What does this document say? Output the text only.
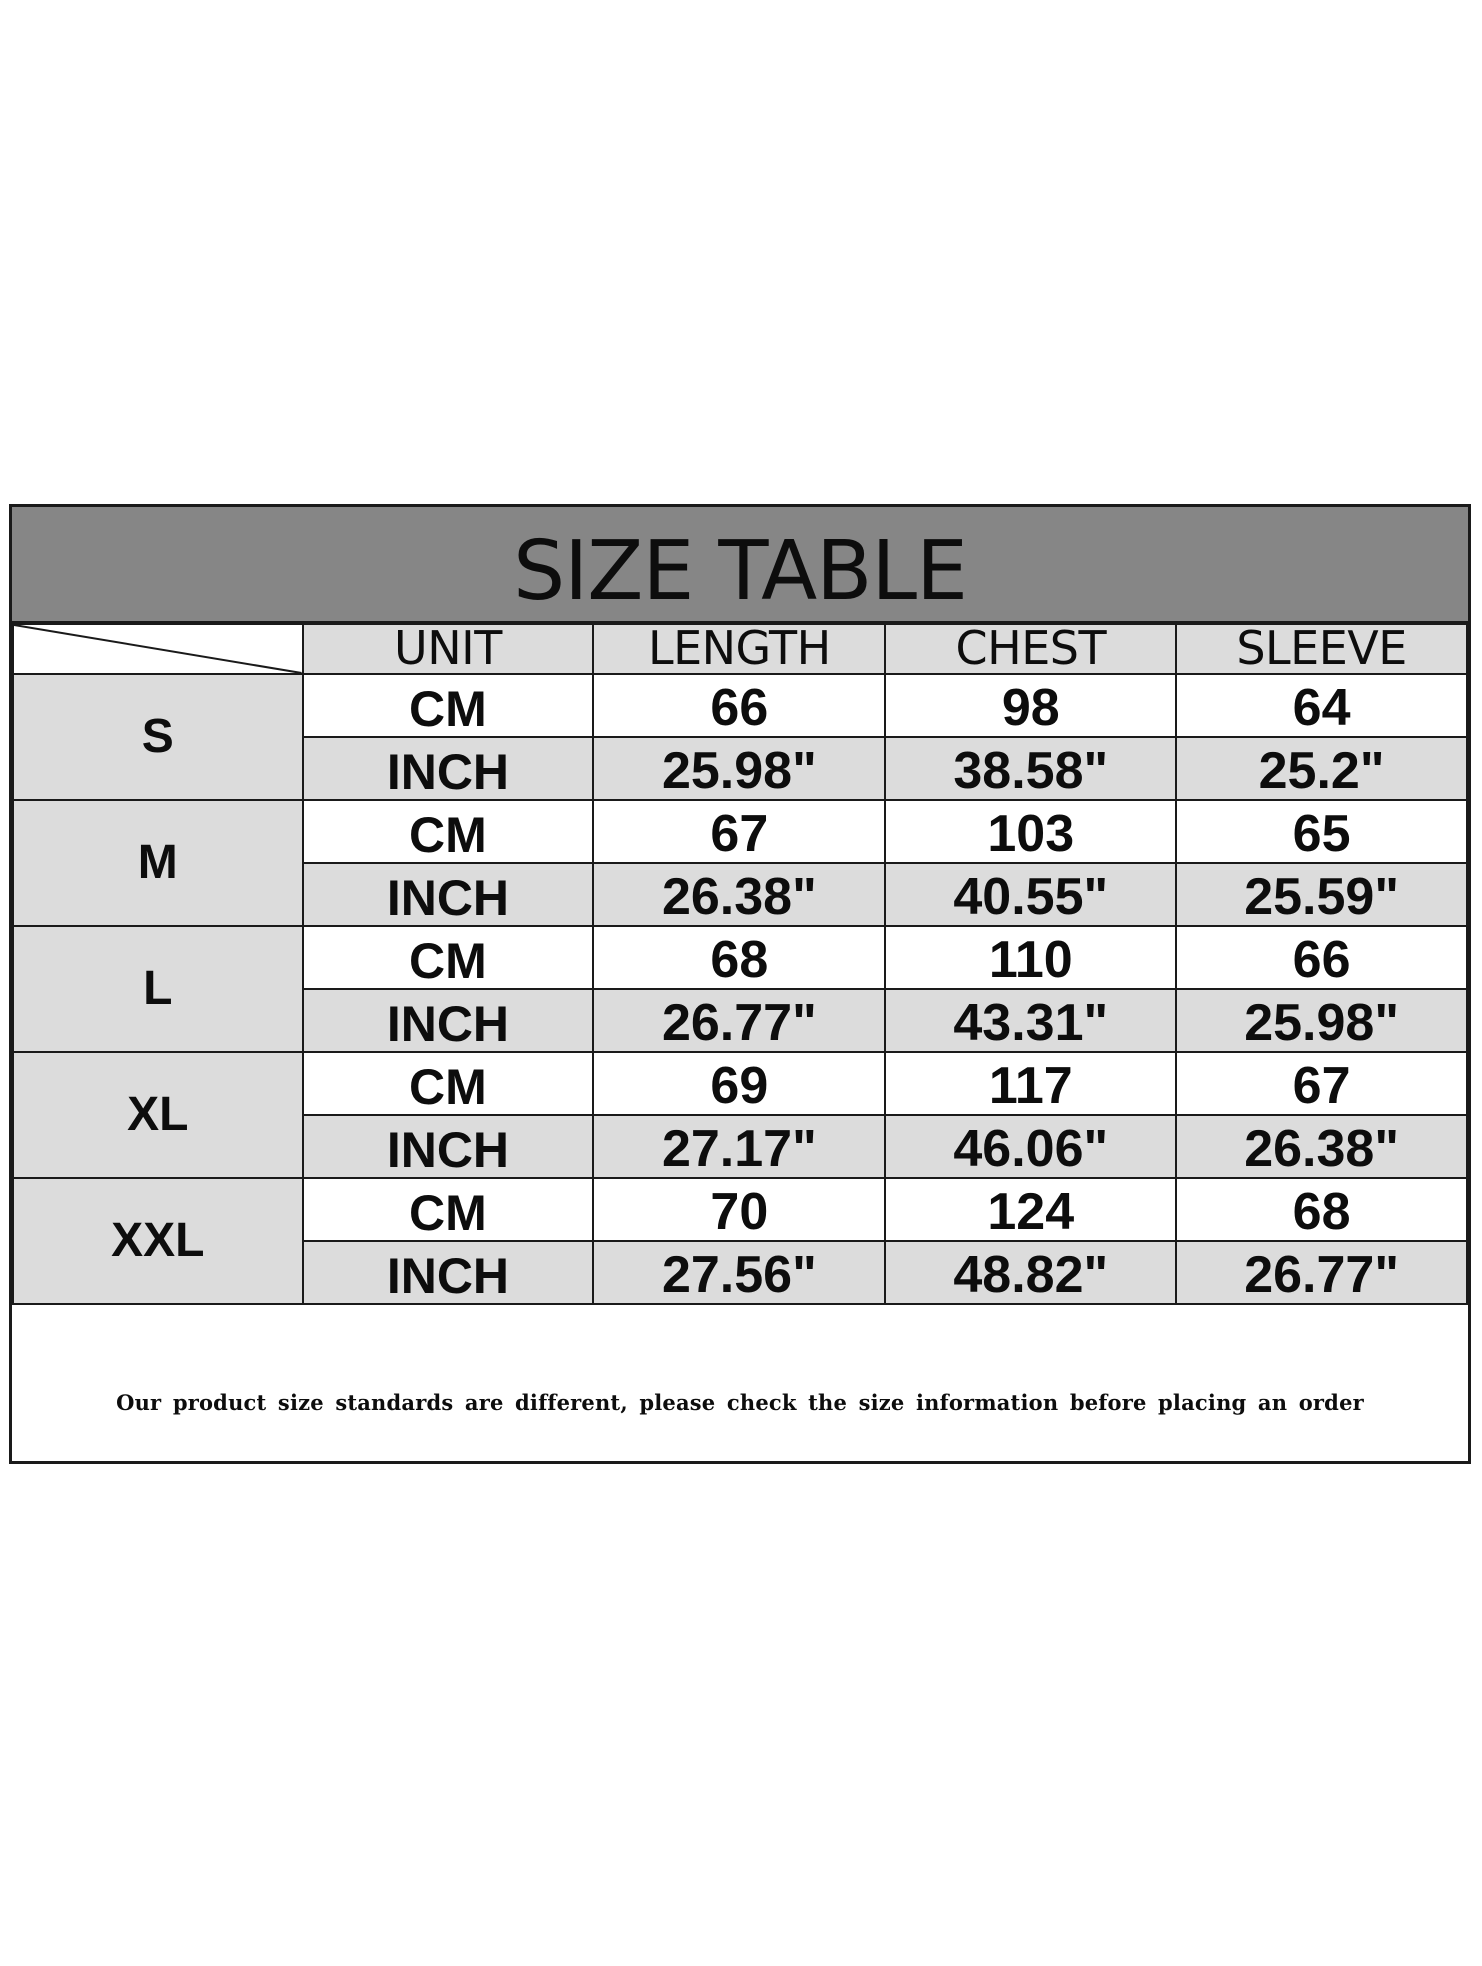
SIZE TABLE
	UNIT	LENGTH	CHEST	SLEEVE
S	CM	66	98	64
	INCH	25.98"	38.58"	25.2"
M	CM	67	103	65
	INCH	26.38"	40.55"	25.59"
L	CM	68	110	66
	INCH	26.77"	43.31"	25.98"
XL	CM	69	117	67
	INCH	27.17"	46.06"	26.38"
XXL	CM	70	124	68
	INCH	27.56"	48.82"	26.77"
Our product size standards are different, please check the size information before placing an order
